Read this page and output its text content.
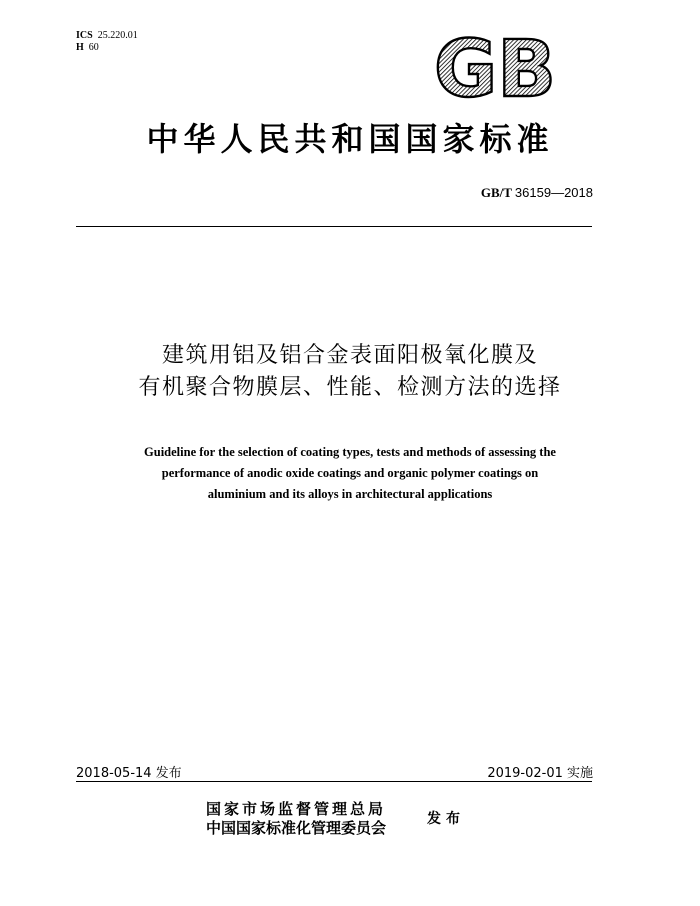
ICS 25.220.01
H 60	GB
中华人民共和国国家标准
GB/T 36159—2018
建筑用铝及铝合金表面阳极氧化膜及
有机聚合物膜层、性能、检测方法的选择
Guideline for the selection of coating types, tests and methods of assessing the
performance of anodic oxide coatings and organic polymer coatings on
aluminium and its alloys in architectural applications
2018-05-14 发布	2019-02-01 实施
国家市场监督管理总局
中国国家标准化管理委员会	发布
